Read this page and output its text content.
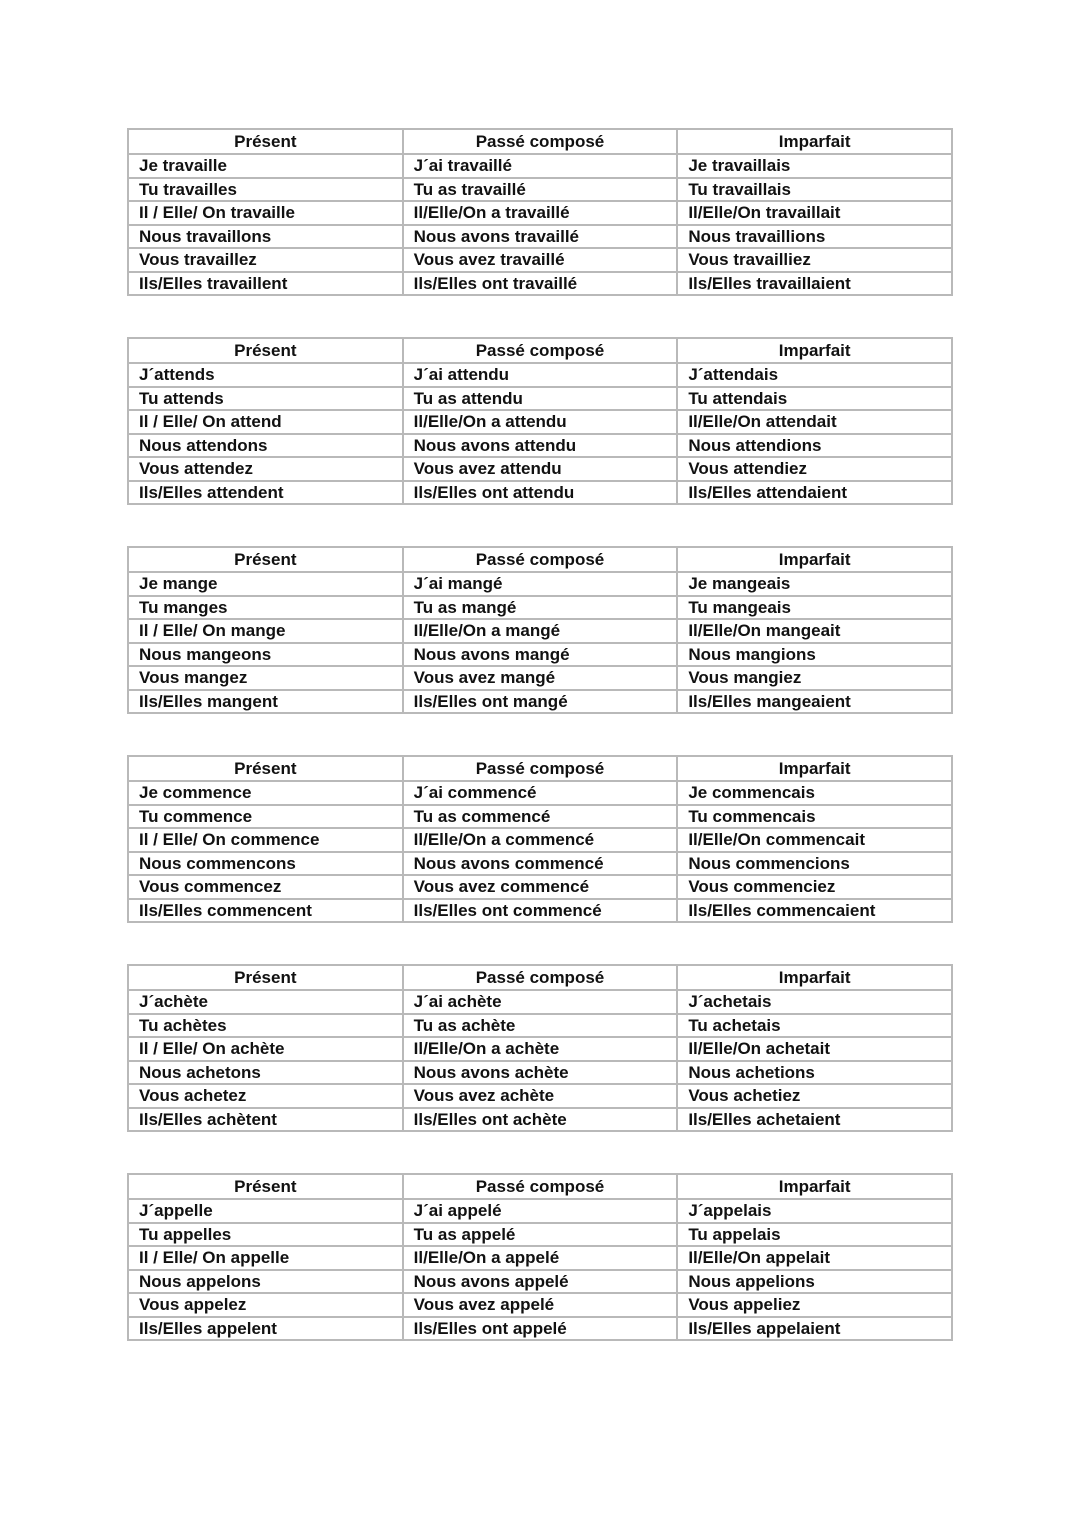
Présent	Passé composé	Imparfait
Je travaille	J´ai travaillé	Je travaillais
Tu travailles	Tu as travaillé	Tu travaillais
Il / Elle/ On travaille	Il/Elle/On a travaillé	Il/Elle/On travaillait
Nous travaillons	Nous avons travaillé	Nous travaillions
Vous travaillez	Vous avez travaillé	Vous travailliez
Ils/Elles travaillent	Ils/Elles ont travaillé	Ils/Elles travaillaient
Présent	Passé composé	Imparfait
J´attends	J´ai attendu	J´attendais
Tu attends	Tu as attendu	Tu attendais
Il / Elle/ On attend	Il/Elle/On a attendu	Il/Elle/On attendait
Nous attendons	Nous avons attendu	Nous attendions
Vous attendez	Vous avez attendu	Vous attendiez
Ils/Elles attendent	Ils/Elles ont attendu	Ils/Elles attendaient
Présent	Passé composé	Imparfait
Je mange	J´ai mangé	Je mangeais
Tu manges	Tu as mangé	Tu mangeais
Il / Elle/ On mange	Il/Elle/On a mangé	Il/Elle/On mangeait
Nous mangeons	Nous avons mangé	Nous mangions
Vous mangez	Vous avez mangé	Vous mangiez
Ils/Elles mangent	Ils/Elles ont mangé	Ils/Elles mangeaient
Présent	Passé composé	Imparfait
Je commence	J´ai commencé	Je commencais
Tu commence	Tu as commencé	Tu commencais
Il / Elle/ On commence	Il/Elle/On a commencé	Il/Elle/On commencait
Nous commencons	Nous avons commencé	Nous commencions
Vous commencez	Vous avez commencé	Vous commenciez
Ils/Elles commencent	Ils/Elles ont commencé	Ils/Elles commencaient
Présent	Passé composé	Imparfait
J´achète	J´ai achète	J´achetais
Tu achètes	Tu as achète	Tu achetais
Il / Elle/ On achète	Il/Elle/On a achète	Il/Elle/On achetait
Nous achetons	Nous avons achète	Nous achetions
Vous achetez	Vous avez achète	Vous achetiez
Ils/Elles achètent	Ils/Elles ont achète	Ils/Elles achetaient
Présent	Passé composé	Imparfait
J´appelle	J´ai appelé	J´appelais
Tu appelles	Tu as appelé	Tu appelais
Il / Elle/ On appelle	Il/Elle/On a appelé	Il/Elle/On appelait
Nous appelons	Nous avons appelé	Nous appelions
Vous appelez	Vous avez appelé	Vous appeliez
Ils/Elles appelent	Ils/Elles ont appelé	Ils/Elles appelaient
